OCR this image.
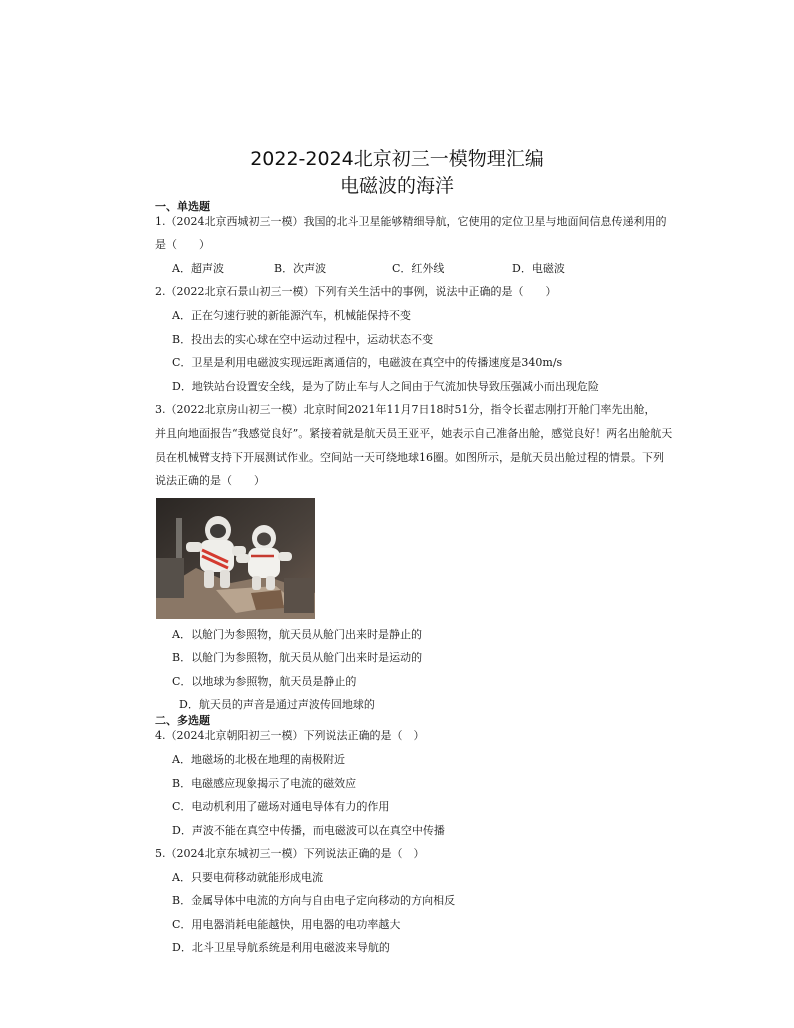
2022-2024北京初三一模物理汇编
电磁波的海洋
一、单选题
1.（2024北京西城初三一模）我国的北斗卫星能够精细导航，它使用的定位卫星与地面间信息传递利用的
是（　　）
A．超声波	B．次声波	C．红外线	D．电磁波
2.（2022北京石景山初三一模）下列有关生活中的事例，说法中正确的是（　　）
A．正在匀速行驶的新能源汽车，机械能保持不变
B．投出去的实心球在空中运动过程中，运动状态不变
C．卫星是利用电磁波实现远距离通信的，电磁波在真空中的传播速度是340m/s
D．地铁站台设置安全线，是为了防止车与人之间由于气流加快导致压强减小而出现危险
3.（2022北京房山初三一模）北京时间2021年11月7日18时51分，指令长翟志刚打开舱门率先出舱，
并且向地面报告“我感觉良好”。紧接着就是航天员王亚平，她表示自己准备出舱，感觉良好！两名出舱航天
员在机械臂支持下开展测试作业。空间站一天可绕地球16圈。如图所示，是航天员出舱过程的情景。下列
说法正确的是（　　）
A．以舱门为参照物，航天员从舱门出来时是静止的
B．以舱门为参照物，航天员从舱门出来时是运动的
C．以地球为参照物，航天员是静止的
D．航天员的声音是通过声波传回地球的
二、多选题
4.（2024北京朝阳初三一模）下列说法正确的是（　）
A．地磁场的北极在地理的南极附近
B．电磁感应现象揭示了电流的磁效应
C．电动机利用了磁场对通电导体有力的作用
D．声波不能在真空中传播，而电磁波可以在真空中传播
5.（2024北京东城初三一模）下列说法正确的是（　）
A．只要电荷移动就能形成电流
B．金属导体中电流的方向与自由电子定向移动的方向相反
C．用电器消耗电能越快，用电器的电功率越大
D．北斗卫星导航系统是利用电磁波来导航的
